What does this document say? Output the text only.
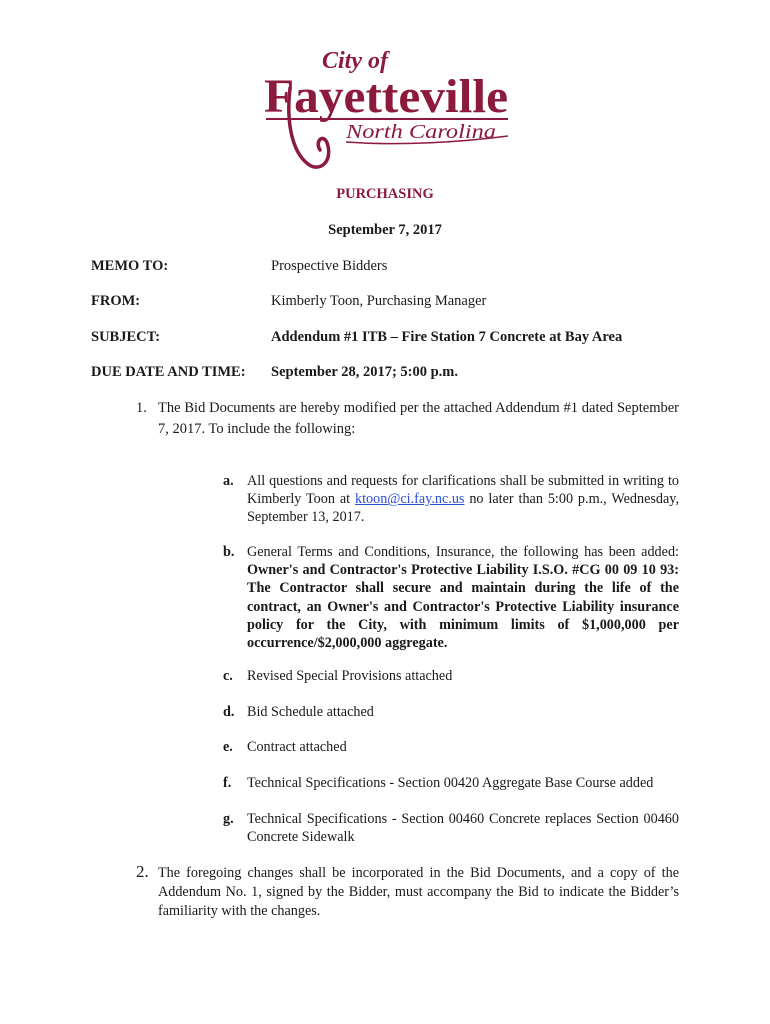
City of
Fayetteville
North Carolina
PURCHASING
September 7, 2017
MEMO TO:	Prospective Bidders
FROM:	Kimberly Toon, Purchasing Manager
SUBJECT:	Addendum #1 ITB – Fire Station 7 Concrete at Bay Area
DUE DATE AND TIME: September 28, 2017; 5:00 p.m.
1. The Bid Documents are hereby modified per the attached Addendum #1 dated September 7, 2017. To include the following:
a. All questions and requests for clarifications shall be submitted in writing to Kimberly Toon at ktoon@ci.fay.nc.us no later than 5:00 p.m., Wednesday, September 13, 2017.
b. General Terms and Conditions, Insurance, the following has been added: Owner's and Contractor's Protective Liability I.S.O. #CG 00 09 10 93: The Contractor shall secure and maintain during the life of the contract, an Owner's and Contractor's Protective Liability insurance policy for the City, with minimum limits of $1,000,000 per occurrence/$2,000,000 aggregate.
c. Revised Special Provisions attached
d. Bid Schedule attached
e. Contract attached
f. Technical Specifications - Section 00420 Aggregate Base Course added
g. Technical Specifications - Section 00460 Concrete replaces Section 00460 Concrete Sidewalk
2. The foregoing changes shall be incorporated in the Bid Documents, and a copy of the Addendum No. 1, signed by the Bidder, must accompany the Bid to indicate the Bidder’s familiarity with the changes.
